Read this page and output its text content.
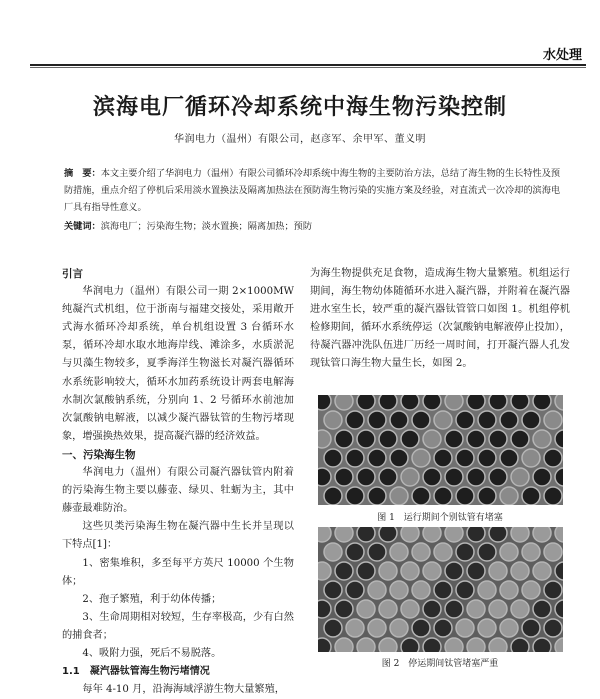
水处理
滨海电厂循环冷却系统中海生物污染控制
华润电力（温州）有限公司，赵彦军、余甲军、董义明
摘　要：本文主要介绍了华润电力（温州）有限公司循环冷却系统中海生物的主要防治方法，总结了海生物的生长特性及预防措施，重点介绍了停机后采用淡水置换法及隔离加热法在预防海生物污染的实施方案及经验，对直流式一次冷却的滨海电厂具有指导性意义。
关键词：滨海电厂；污染海生物；淡水置换；隔离加热；预防

引言

华润电力（温州）有限公司一期 2×1000MW 纯凝汽式机组，位于浙南与福建交接处，采用敞开式海水循环冷却系统，单台机组设置 3 台循环水泵，循环冷却水取水地海岸线、滩涂多，水质淤泥与贝藻生物较多，夏季海洋生物滋长对凝汽器循环水系统影响较大，循环水加药系统设计两套电解海水制次氯酸钠系统，分别向 1、2 号循环水前池加次氯酸钠电解液，以减少凝汽器钛管的生物污堵现象，增强换热效果，提高凝汽器的经济效益。

一、污染海生物

华润电力（温州）有限公司凝汽器钛管内附着的污染海生物主要以藤壶、绿贝、牡蛎为主，其中藤壶最难防治。

这些贝类污染海生物在凝汽器中生长并呈现以下特点[1]：

1、密集堆积，多至每平方英尺 10000 个生物体；

2、孢子繁殖，利于幼体传播；

3、生命周期相对较短，生存率极高，少有白然的捕食者；

4、吸附力强，死后不易脱落。

1.1　凝汽器钛管海生物污堵情况

每年 4-10 月，沿海海域浮游生物大量繁殖，

为海生物提供充足食物，造成海生物大量繁殖。机组运行期间，海生物幼体随循环水进入凝汽器，并附着在凝汽器进水室生长，较严重的凝汽器钛管管口如图 1。机组停机检修期间，循环水系统停运（次氯酸钠电解液停止投加），待凝汽器冲洗队伍进厂历经一周时间，打开凝汽器人孔发现钛管口海生物大量生长，如图 2。

图 1　运行期间个别钛管有堵塞
图 2　停运期间钛管堵塞严重
